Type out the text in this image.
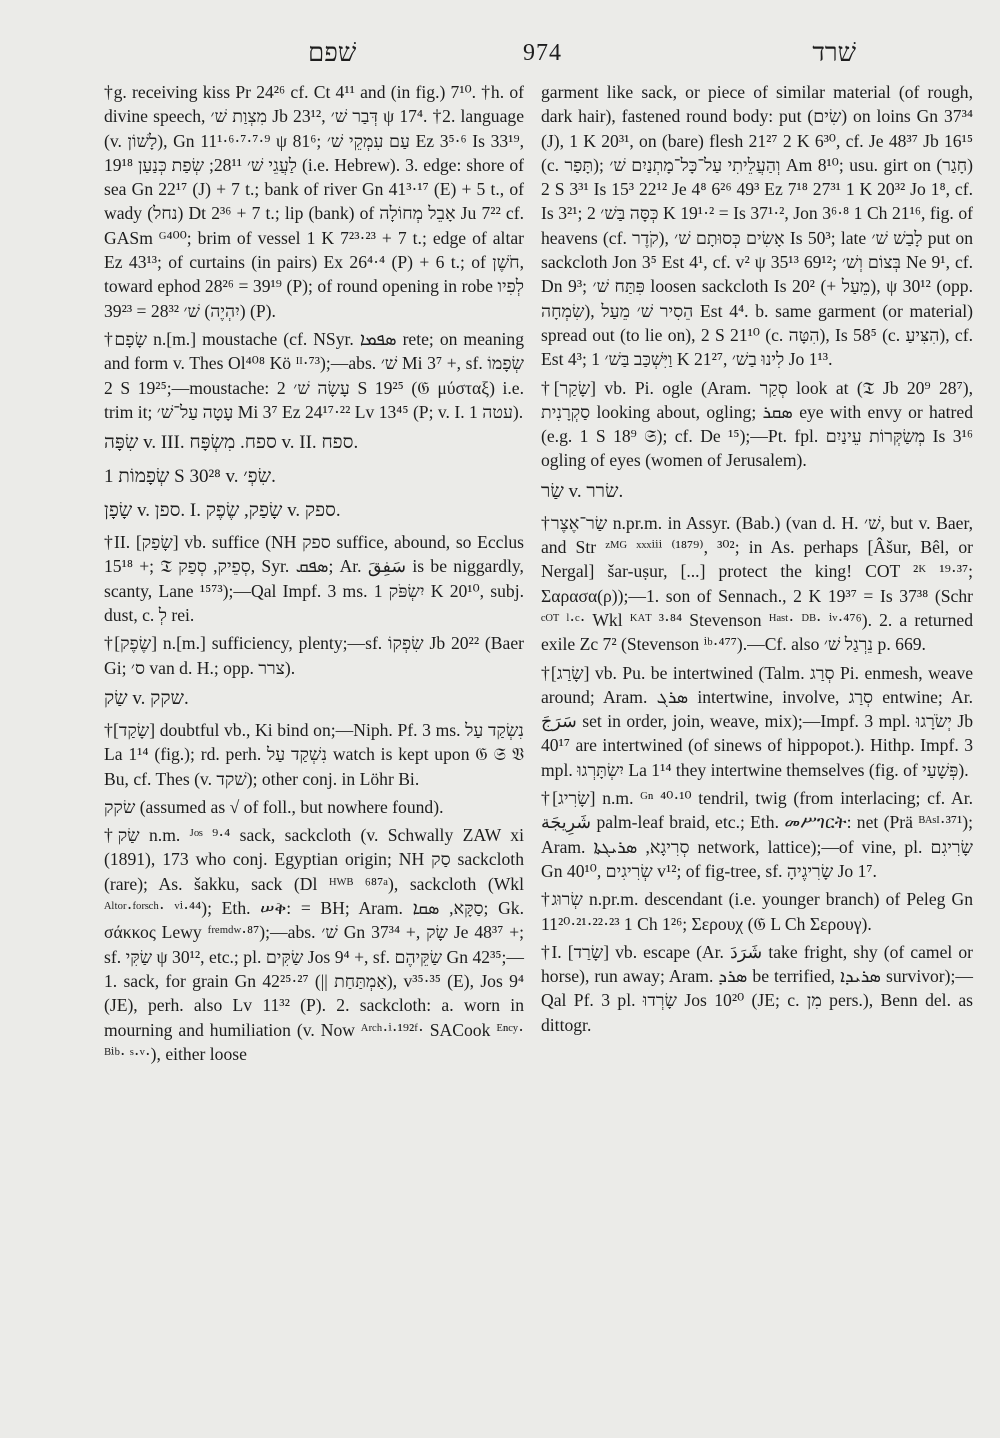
שׁפם	974	שׁרד

†g. receiving kiss Pr 24²⁶ cf. Ct 4¹¹ and (in fig.) 7¹⁰. †h. of divine speech, מִצְוַת שׁ׳ Jb 23¹², דְּבַר שׁ׳ ψ 17⁴. †2. language (v. לָשׁוֹן), Gn 11¹·⁶·⁷·⁷·⁹ ψ 81⁶; עַם עִמְקֵי שׁ׳ Ez 3⁵·⁶ Is 33¹⁹, לַעֲגֵי שׁ׳ 28¹¹; שְׂפַת כְּנַעַן 19¹⁸ (i.e. Hebrew). 3. edge: shore of sea Gn 22¹⁷ (J) + 7 t.; bank of river Gn 41³·¹⁷ (E) + 5 t., of wady (נחל) Dt 2³⁶ + 7 t.; lip (bank) of אָבֵל מְחוֹלָה Ju 7²² cf. GASm ᴳ⁴⁰⁰; brim of vessel 1 K 7²³·²³ + 7 t.; edge of altar Ez 43¹³; of curtains (in pairs) Ex 26⁴·⁴ (P) + 6 t.; of חֹשֶׁן, toward ephod 28²⁶ = 39¹⁹ (P); of round opening in robe לְפִיו (יִהְיֶה) שׁ׳ 28³² = 39²³ (P).

†שָׂפָם n.[m.] moustache (cf. NSyr. ܣܦܡܐ rete; on meaning and form v. Thes Ol⁴⁰⁸ Kö ᴵᴵ·⁷³);—abs. שׁ׳ Mi 3⁷ +, sf. שְׂפָמוֹ 2 S 19²⁵;—moustache: עָשָׂה שׁ׳ 2 S 19²⁵ (𝔊 μύσταξ) i.e. trim it; עָטָה עַל־שׁ׳ Mi 3⁷ Ez 24¹⁷·²² Lv 13⁴⁵ (P; v. I. עטה 1).

שִׂפָּה v. III. ספח. מִשְׂפָּח v. II. ספח.

שְׂפָמוֹת 1 S 30²⁸ v. שִׂפְ׳.

שָׂפָן v. ספן. I. שָׂפַק, שֶׂפֶק v. ספק.

†II. [שָׂפַק] vb. suffice (NH ספק suffice, abound, so Ecclus 15¹⁸ +; 𝔗 סְפֵיק, סְפַק, Syr. ܣܦܩ; Ar. سَفِقَ is be niggardly, scanty, Lane ¹⁵⁷³);—Qal Impf. 3 ms. יִשְׂפֹּק 1 K 20¹⁰, subj. dust, c. לְ rei.

†[שֶׂפֶק] n.[m.] sufficiency, plenty;—sf. שִׂפְקוֹ Jb 20²² (Baer Gi; ס׳ van d. H.; opp. צרר).

שַׂק v. שקק.

†[שָׂקַד] doubtful vb., Ki bind on;—Niph. Pf. 3 ms. נִשְׂקַד עַל La 1¹⁴ (fig.); rd. perh. נִשְׁקַד עַל watch is kept upon 𝔊 𝔖 𝔙 Bu, cf. Thes (v. שׁקד); other conj. in Löhr Bi.

שׂקק (assumed as √ of foll., but nowhere found).

†שַׂק n.m. ᴶᵒˢ ⁹·⁴ sack, sackcloth (v. Schwally ZAW xi (1891), 173 who conj. Egyptian origin; NH סַק sackcloth (rare); As. šakku, sack (Dl ᴴᵂᴮ ⁶⁸⁷ᵃ), sackcloth (Wkl ᴬˡᵗᵒʳ·ᶠᵒʳˢᶜʰ· ᵛⁱ·⁴⁴); Eth. ሠቅ: = BH; Aram. סַקָּא, ܣܩܐ; Gk. σάκκος Lewy ᶠʳᵉᵐᵈʷ·⁸⁷);—abs. שׁ׳ Gn 37³⁴ +, שָׂק Je 48³⁷ +; sf. שַׂקִּי ψ 30¹², etc.; pl. שַׂקִּים Jos 9⁴ +, sf. שַׂקֵּיהֶם Gn 42³⁵;—1. sack, for grain Gn 42²⁵·²⁷ (|| אַמְתַּחַת), v³⁵·³⁵ (E), Jos 9⁴ (JE), perh. also Lv 11³² (P). 2. sackcloth: a. worn in mourning and humiliation (v. Now ᴬʳᶜʰ·ⁱ·¹⁹²ᶠ· SACook ᴱⁿᶜʸ· ᴮⁱᵇ· ˢ·ᵛ·), either loose

garment like sack, or piece of similar material (of rough, dark hair), fastened round body: put (שִׂים) on loins Gn 37³⁴ (J), 1 K 20³¹, on (bare) flesh 21²⁷ 2 K 6³⁰, cf. Je 48³⁷ Jb 16¹⁵ (c. תָּפַר); וְהַעֲלֵיתִי עַל־כָּל־מָתְנַיִם שׁ׳ Am 8¹⁰; usu. girt on (חָגַר) 2 S 3³¹ Is 15³ 22¹² Je 4⁸ 6²⁶ 49³ Ez 7¹⁸ 27³¹ 1 K 20³² Jo 1⁸, cf. Is 3²¹; כְּסָּה בַּשׁ׳ 2 K 19¹·² = Is 37¹·², Jon 3⁶·⁸ 1 Ch 21¹⁶, fig. of heavens (cf. קֹדֶר), אָשִׂים כְּסוּתָם שׁ׳ Is 50³; late לָבַשׁ שׁ׳ put on sackcloth Jon 3⁵ Est 4¹, cf. v² ψ 35¹³ 69¹²; בְּצוֹם וְשׁ׳ Ne 9¹, cf. Dn 9³; פִּתַּח שׁ׳ loosen sackcloth Is 20² (+ מֵעַל), ψ 30¹² (opp. שִׂמְחָה), הֵסִיר שׁ׳ מֵעַל Est 4⁴. b. same garment (or material) spread out (to lie on), 2 S 21¹⁰ (c. הִטָּה), Is 58⁵ (c. הִצִּיעַ), cf. Est 4³; וַיִּשְׁכַּב בַּשׁ׳ 1 K 21²⁷, לִינוּ בַשׁ׳ Jo 1¹³.

†[שָׂקַר] vb. Pi. ogle (Aram. סְקַר look at (𝔗 Jb 20⁹ 28⁷), סַקְרָנִית looking about, ogling; ܣܩܪ eye with envy or hatred (e.g. 1 S 18⁹ 𝔖); cf. De ¹⁵);—Pt. fpl. מְשַׂקְּרוֹת עֵינַיִם Is 3¹⁶ ogling of eyes (women of Jerusalem).

שַׂר v. שׂרר.

†שַׂר־אֶצֶר n.pr.m. in Assyr. (Bab.) (van d. H. שׁ׳, but v. Baer, and Str ᶻᴹᴳ ˣˣˣⁱⁱⁱ ⁽¹⁸⁷⁹⁾, ³⁰²; in As. perhaps [Âšur, Bêl, or Nergal] šar-uṣur, [...] protect the king! COT ²ᴷ ¹⁹·³⁷; Σαρασα(ρ));—1. son of Sennach., 2 K 19³⁷ = Is 37³⁸ (Schr ᶜᴼᵀ ˡ·ᶜ· Wkl ᴷᴬᵀ ³·⁸⁴ Stevenson ᴴᵃˢᵗ· ᴰᴮ· ⁱᵛ·⁴⁷⁶). 2. a returned exile Zc 7² (Stevenson ⁱᵇ·⁴⁷⁷).—Cf. also נֵרְגַל שׁ׳ p. 669.

†[שָׂרַג] vb. Pu. be intertwined (Talm. סְרַג Pi. enmesh, weave around; Aram. ܣܪܓ intertwine, involve, סְרַג entwine; Ar. سَرَجَ set in order, join, weave, mix);—Impf. 3 mpl. יְשֹׂרָגוּ Jb 40¹⁷ are intertwined (of sinews of hippopot.). Hithp. Impf. 3 mpl. יִשְׂתָּרְגוּ La 1¹⁴ they intertwine themselves (fig. of פְּשָׁעַי).

†[שָׂרִיג] n.m. ᴳⁿ ⁴⁰·¹⁰ tendril, twig (from interlacing; cf. Ar. شَرِيجَة palm-leaf braid, etc.; Eth. መሥገርት: net (Prä ᴮᴬˢᴵ·³⁷¹); Aram. סְרִיגָא, ܣܪܝܓܬܐ network, lattice);—of vine, pl. שָׂרִיגִם Gn 40¹⁰, שְׂרִיגִים v¹²; of fig-tree, sf. שָׂרִיגֶיהָ Jo 1⁷.

†שְׂרוּג n.pr.m. descendant (i.e. younger branch) of Peleg Gn 11²⁰·²¹·²²·²³ 1 Ch 1²⁶; Σερουχ (𝔊 L Ch Σερουγ).

†I. [שָׂרַד] vb. escape (Ar. شَرَدَ take fright, shy (of camel or horse), run away; Aram. ܣܪܕ be terrified, ܣܪܝܕܐ survivor);—Qal Pf. 3 pl. שָׂרְדוּ Jos 10²⁰ (JE; c. מִן pers.), Benn del. as dittogr.
